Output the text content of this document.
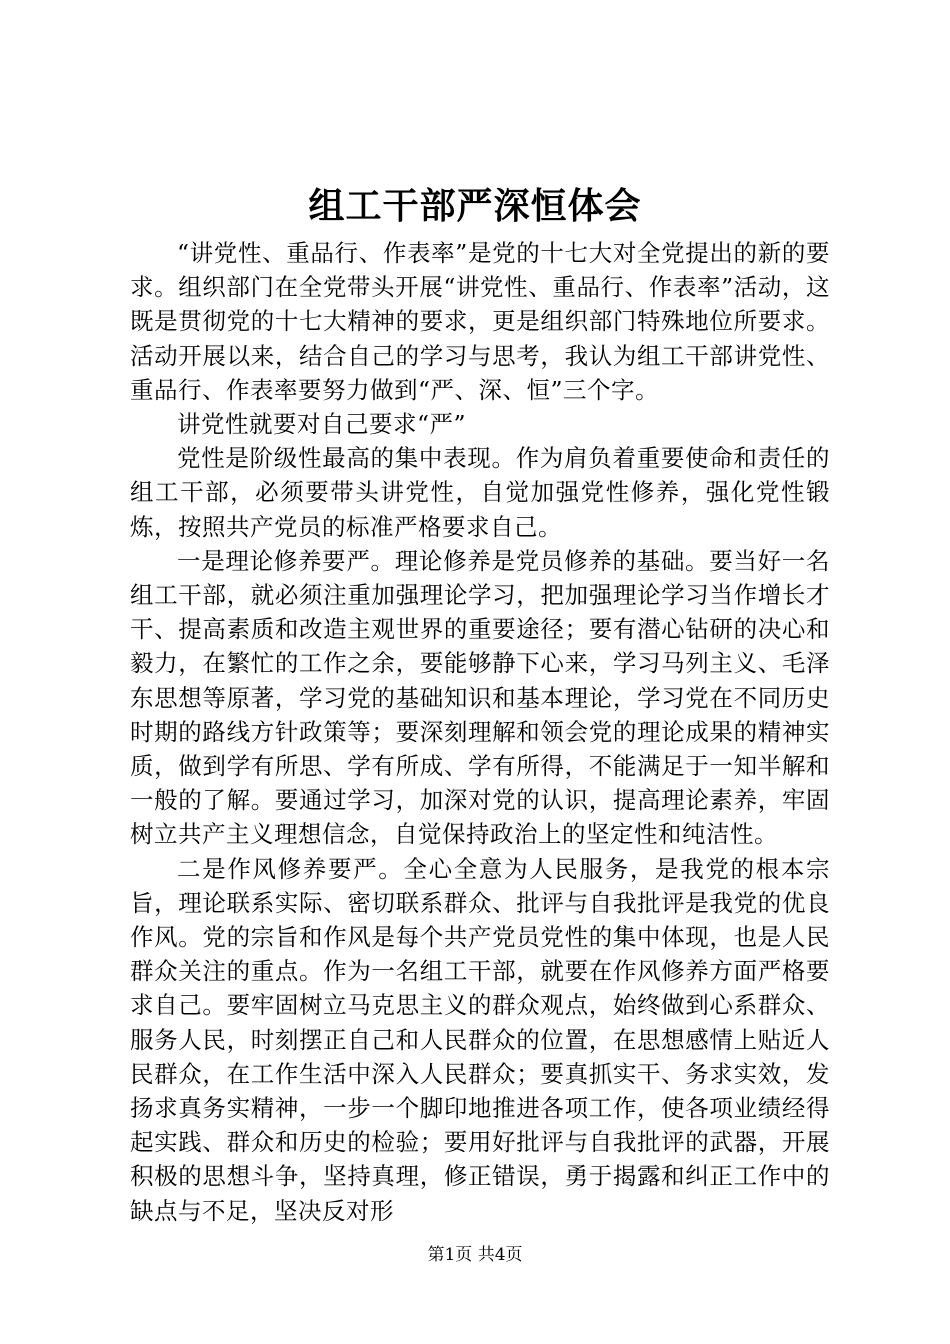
组工干部严深恒体会

“讲党性、重品行、作表率”是党的十七大对全党提出的新的要求。组织部门在全党带头开展“讲党性、重品行、作表率”活动，这既是贯彻党的十七大精神的要求，更是组织部门特殊地位所要求。活动开展以来，结合自己的学习与思考，我认为组工干部讲党性、重品行、作表率要努力做到“严、深、恒”三个字。

讲党性就要对自己要求“严”

党性是阶级性最高的集中表现。作为肩负着重要使命和责任的组工干部，必须要带头讲党性，自觉加强党性修养，强化党性锻炼，按照共产党员的标准严格要求自己。

一是理论修养要严。理论修养是党员修养的基础。要当好一名组工干部，就必须注重加强理论学习，把加强理论学习当作增长才干、提高素质和改造主观世界的重要途径；要有潜心钻研的决心和毅力，在繁忙的工作之余，要能够静下心来，学习马列主义、毛泽东思想等原著，学习党的基础知识和基本理论，学习党在不同历史时期的路线方针政策等；要深刻理解和领会党的理论成果的精神实质，做到学有所思、学有所成、学有所得，不能满足于一知半解和一般的了解。要通过学习，加深对党的认识，提高理论素养，牢固树立共产主义理想信念，自觉保持政治上的坚定性和纯洁性。

二是作风修养要严。全心全意为人民服务，是我党的根本宗旨，理论联系实际、密切联系群众、批评与自我批评是我党的优良作风。党的宗旨和作风是每个共产党员党性的集中体现，也是人民群众关注的重点。作为一名组工干部，就要在作风修养方面严格要求自己。要牢固树立马克思主义的群众观点，始终做到心系群众、服务人民，时刻摆正自己和人民群众的位置，在思想感情上贴近人民群众，在工作生活中深入人民群众；要真抓实干、务求实效，发扬求真务实精神，一步一个脚印地推进各项工作，使各项业绩经得起实践、群众和历史的检验；要用好批评与自我批评的武器，开展积极的思想斗争，坚持真理，修正错误，勇于揭露和纠正工作中的缺点与不足，坚决反对形

第1页 共4页
